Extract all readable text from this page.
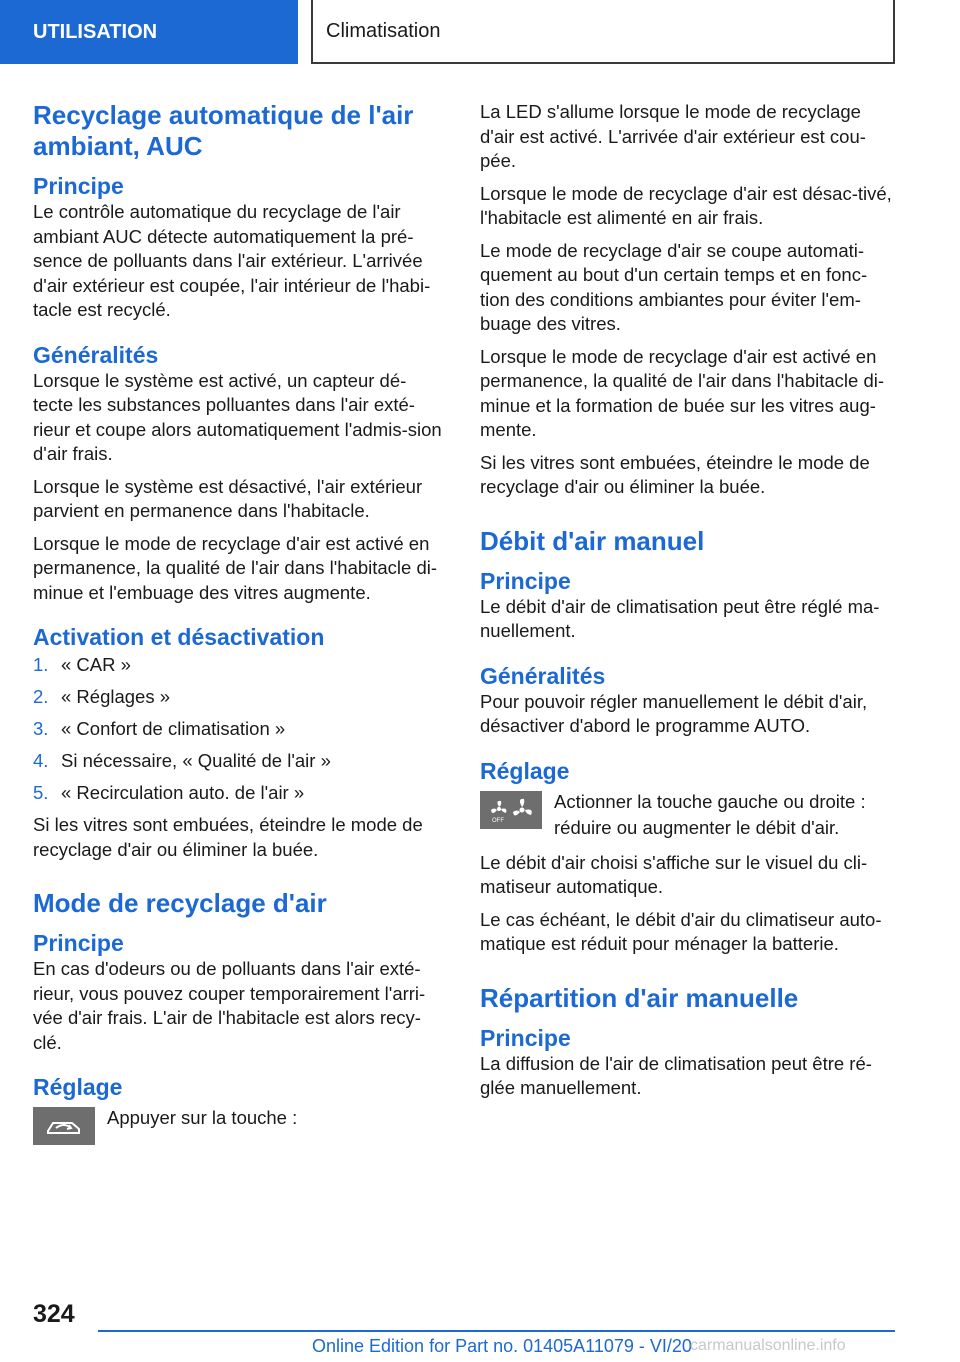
UTILISATION	Climatisation
Recyclage automatique de l'air ambiant, AUC
Principe

Le contrôle automatique du recyclage de l'air ambiant AUC détecte automatiquement la pré-sence de polluants dans l'air extérieur. L'arrivée d'air extérieur est coupée, l'air intérieur de l'habi-tacle est recyclé.

Généralités

Lorsque le système est activé, un capteur dé-tecte les substances polluantes dans l'air exté-rieur et coupe alors automatiquement l'admis-sion d'air frais.

Lorsque le système est désactivé, l'air extérieur parvient en permanence dans l'habitacle.

Lorsque le mode de recyclage d'air est activé en permanence, la qualité de l'air dans l'habitacle di-minue et l'embuage des vitres augmente.

Activation et désactivation
1. « CAR »
2. « Réglages »
3. « Confort de climatisation »
4. Si nécessaire, « Qualité de l'air »
5. « Recirculation auto. de l'air »

Si les vitres sont embuées, éteindre le mode de recyclage d'air ou éliminer la buée.

Mode de recyclage d'air
Principe

En cas d'odeurs ou de polluants dans l'air exté-rieur, vous pouvez couper temporairement l'arri-vée d'air frais. L'air de l'habitacle est alors recy-clé.

Réglage
Appuyer sur la touche :

La LED s'allume lorsque le mode de recyclage d'air est activé. L'arrivée d'air extérieur est cou-pée.

Lorsque le mode de recyclage d'air est désac-tivé, l'habitacle est alimenté en air frais.

Le mode de recyclage d'air se coupe automati-quement au bout d'un certain temps et en fonc-tion des conditions ambiantes pour éviter l'em-buage des vitres.

Lorsque le mode de recyclage d'air est activé en permanence, la qualité de l'air dans l'habitacle di-minue et la formation de buée sur les vitres aug-mente.

Si les vitres sont embuées, éteindre le mode de recyclage d'air ou éliminer la buée.

Débit d'air manuel
Principe

Le débit d'air de climatisation peut être réglé ma-nuellement.

Généralités

Pour pouvoir régler manuellement le débit d'air, désactiver d'abord le programme AUTO.

Réglage
OFF
Actionner la touche gauche ou droite : réduire ou augmenter le débit d'air.

Le débit d'air choisi s'affiche sur le visuel du cli-matiseur automatique.

Le cas échéant, le débit d'air du climatiseur auto-matique est réduit pour ménager la batterie.

Répartition d'air manuelle
Principe

La diffusion de l'air de climatisation peut être ré-glée manuellement.

324
Online Edition for Part no. 01405A11079 - VI/20
carmanualsonline.info
